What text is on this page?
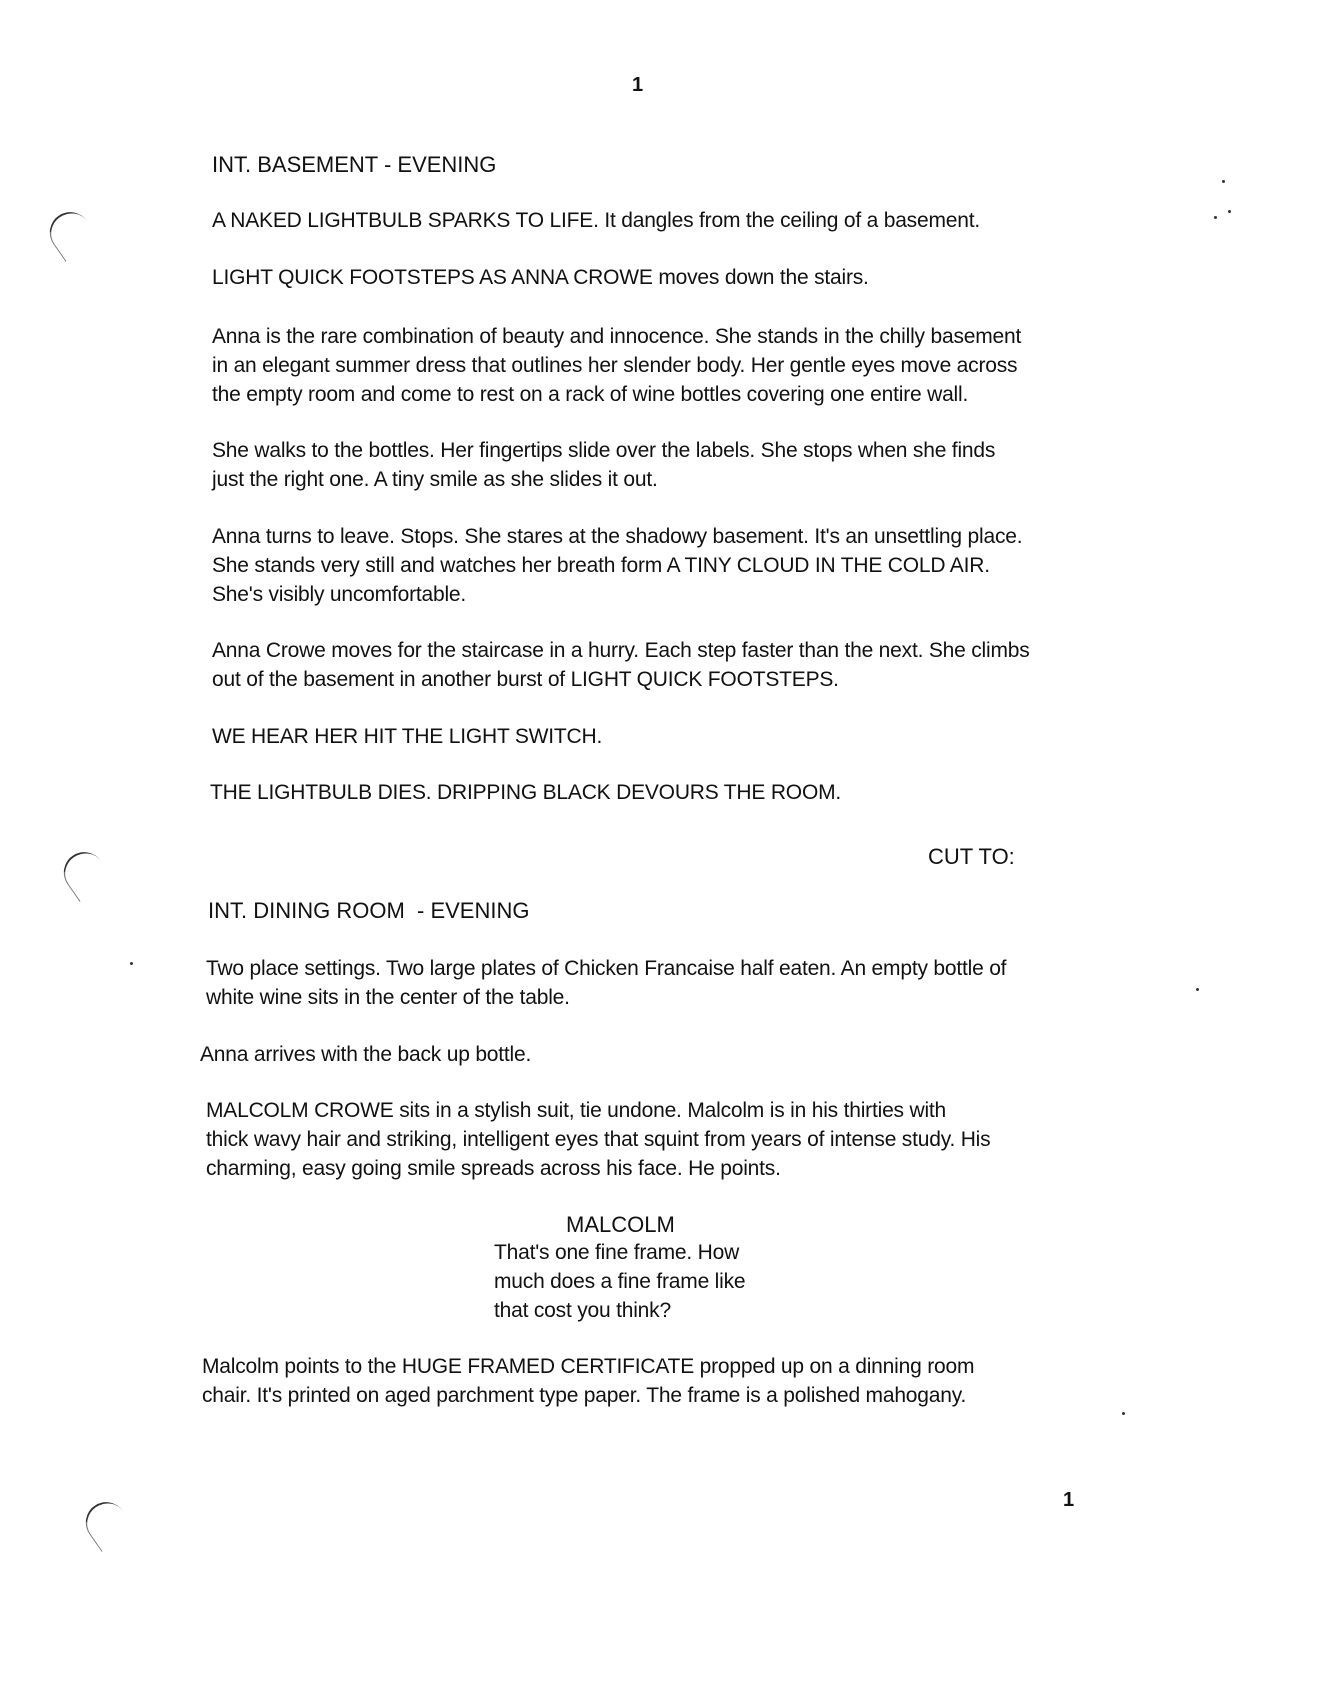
1
INT. BASEMENT - EVENING
A NAKED LIGHTBULB SPARKS TO LIFE. It dangles from the ceiling of a basement.
LIGHT QUICK FOOTSTEPS AS ANNA CROWE moves down the stairs.
Anna is the rare combination of beauty and innocence. She stands in the chilly basement
in an elegant summer dress that outlines her slender body. Her gentle eyes move across
the empty room and come to rest on a rack of wine bottles covering one entire wall.
She walks to the bottles. Her fingertips slide over the labels. She stops when she finds
just the right one. A tiny smile as she slides it out.
Anna turns to leave. Stops. She stares at the shadowy basement. It's an unsettling place.
She stands very still and watches her breath form A TINY CLOUD IN THE COLD AIR.
She's visibly uncomfortable.
Anna Crowe moves for the staircase in a hurry. Each step faster than the next. She climbs
out of the basement in another burst of LIGHT QUICK FOOTSTEPS.
WE HEAR HER HIT THE LIGHT SWITCH.
THE LIGHTBULB DIES. DRIPPING BLACK DEVOURS THE ROOM.
CUT TO:
INT. DINING ROOM  - EVENING
Two place settings. Two large plates of Chicken Francaise half eaten. An empty bottle of
white wine sits in the center of the table.
Anna arrives with the back up bottle.
MALCOLM CROWE sits in a stylish suit, tie undone. Malcolm is in his thirties with
thick wavy hair and striking, intelligent eyes that squint from years of intense study. His
charming, easy going smile spreads across his face. He points.
MALCOLM
That's one fine frame. How
much does a fine frame like
that cost you think?
Malcolm points to the HUGE FRAMED CERTIFICATE propped up on a dinning room
chair. It's printed on aged parchment type paper. The frame is a polished mahogany.
1
